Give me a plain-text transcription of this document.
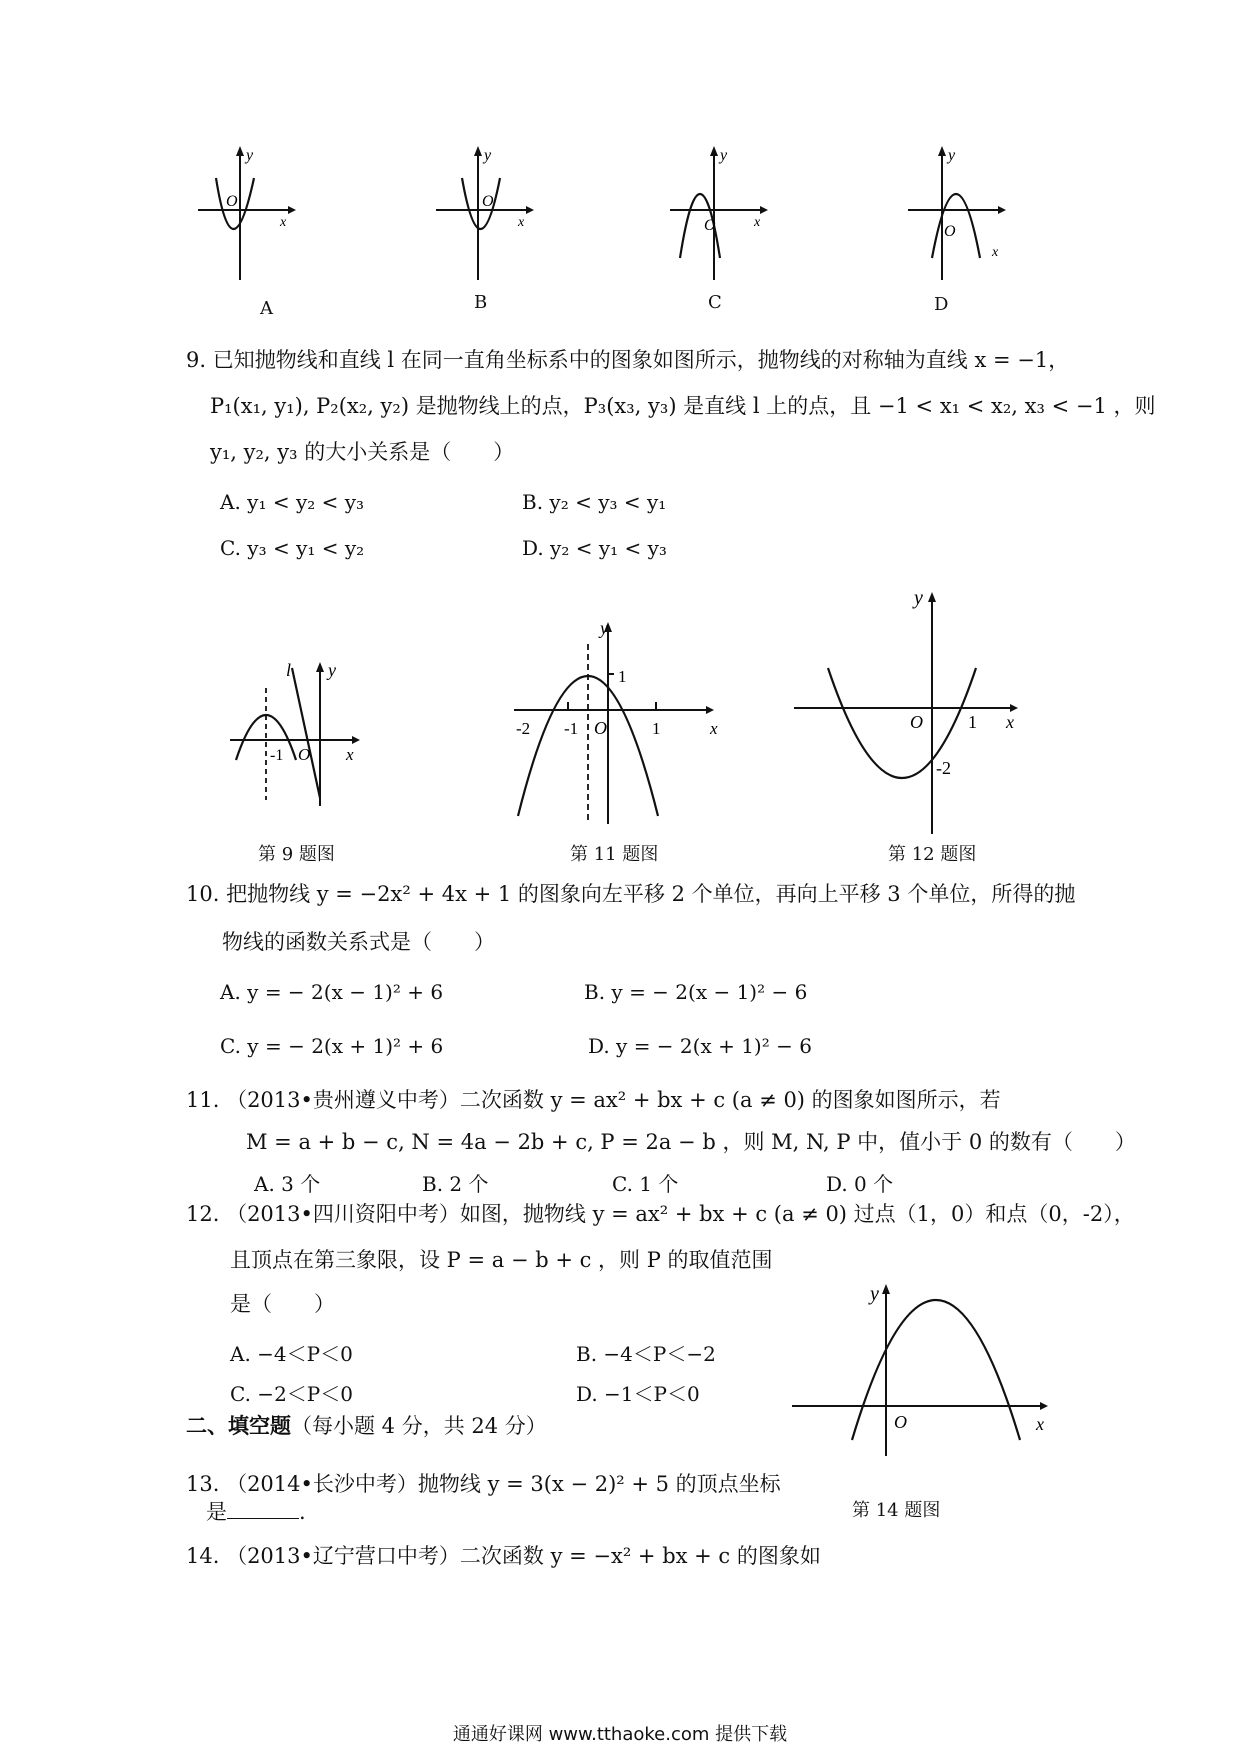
y
O
x
A
y
O
x
B
y
O	x
C
y
O
x
D
9. 已知抛物线和直线 l 在同一直角坐标系中的图象如图所示，抛物线的对称轴为直线 x = −1，
P₁(x₁, y₁), P₂(x₂, y₂) 是抛物线上的点，P₃(x₃, y₃) 是直线 l 上的点，且 −1 < x₁ < x₂, x₃ < −1 ，则
y₁, y₂, y₃ 的大小关系是（　　）
A. y₁ < y₂ < y₃	B. y₂ < y₃ < y₁
C. y₃ < y₁ < y₂	D. y₂ < y₁ < y₃
y
l
-1 O x
y
1
-2 -1 O	1	x
y
O	1
-2
x
第 9 题图	第 11 题图	第 12 题图
10. 把抛物线 y = −2x² + 4x + 1 的图象向左平移 2 个单位，再向上平移 3 个单位，所得的抛
物线的函数关系式是（　　）
A. y = − 2(x − 1)² + 6	B. y = − 2(x − 1)² − 6
C. y = − 2(x + 1)² + 6	D. y = − 2(x + 1)² − 6
11. （2013•贵州遵义中考）二次函数 y = ax² + bx + c (a ≠ 0) 的图象如图所示，若
M = a + b − c, N = 4a − 2b + c, P = 2a − b ，则 M, N, P 中，值小于 0 的数有（　　）
A. 3 个	B. 2 个	C. 1 个	D. 0 个
12. （2013•四川资阳中考）如图，抛物线 y = ax² + bx + c (a ≠ 0) 过点（1，0）和点（0，-2），
且顶点在第三象限，设 P = a − b + c ，则 P 的取值范围
是（　　）
A. −4＜P＜0	B. −4＜P＜−2
C. −2＜P＜0	D. −1＜P＜0
y
O	x
第 14 题图
二、填空题（每小题 4 分，共 24 分）
13. （2014•长沙中考）抛物线 y = 3(x − 2)² + 5 的顶点坐标
是	.
14. （2013•辽宁营口中考）二次函数 y = −x² + bx + c 的图象如
通通好课网 www.tthaoke.com 提供下载
